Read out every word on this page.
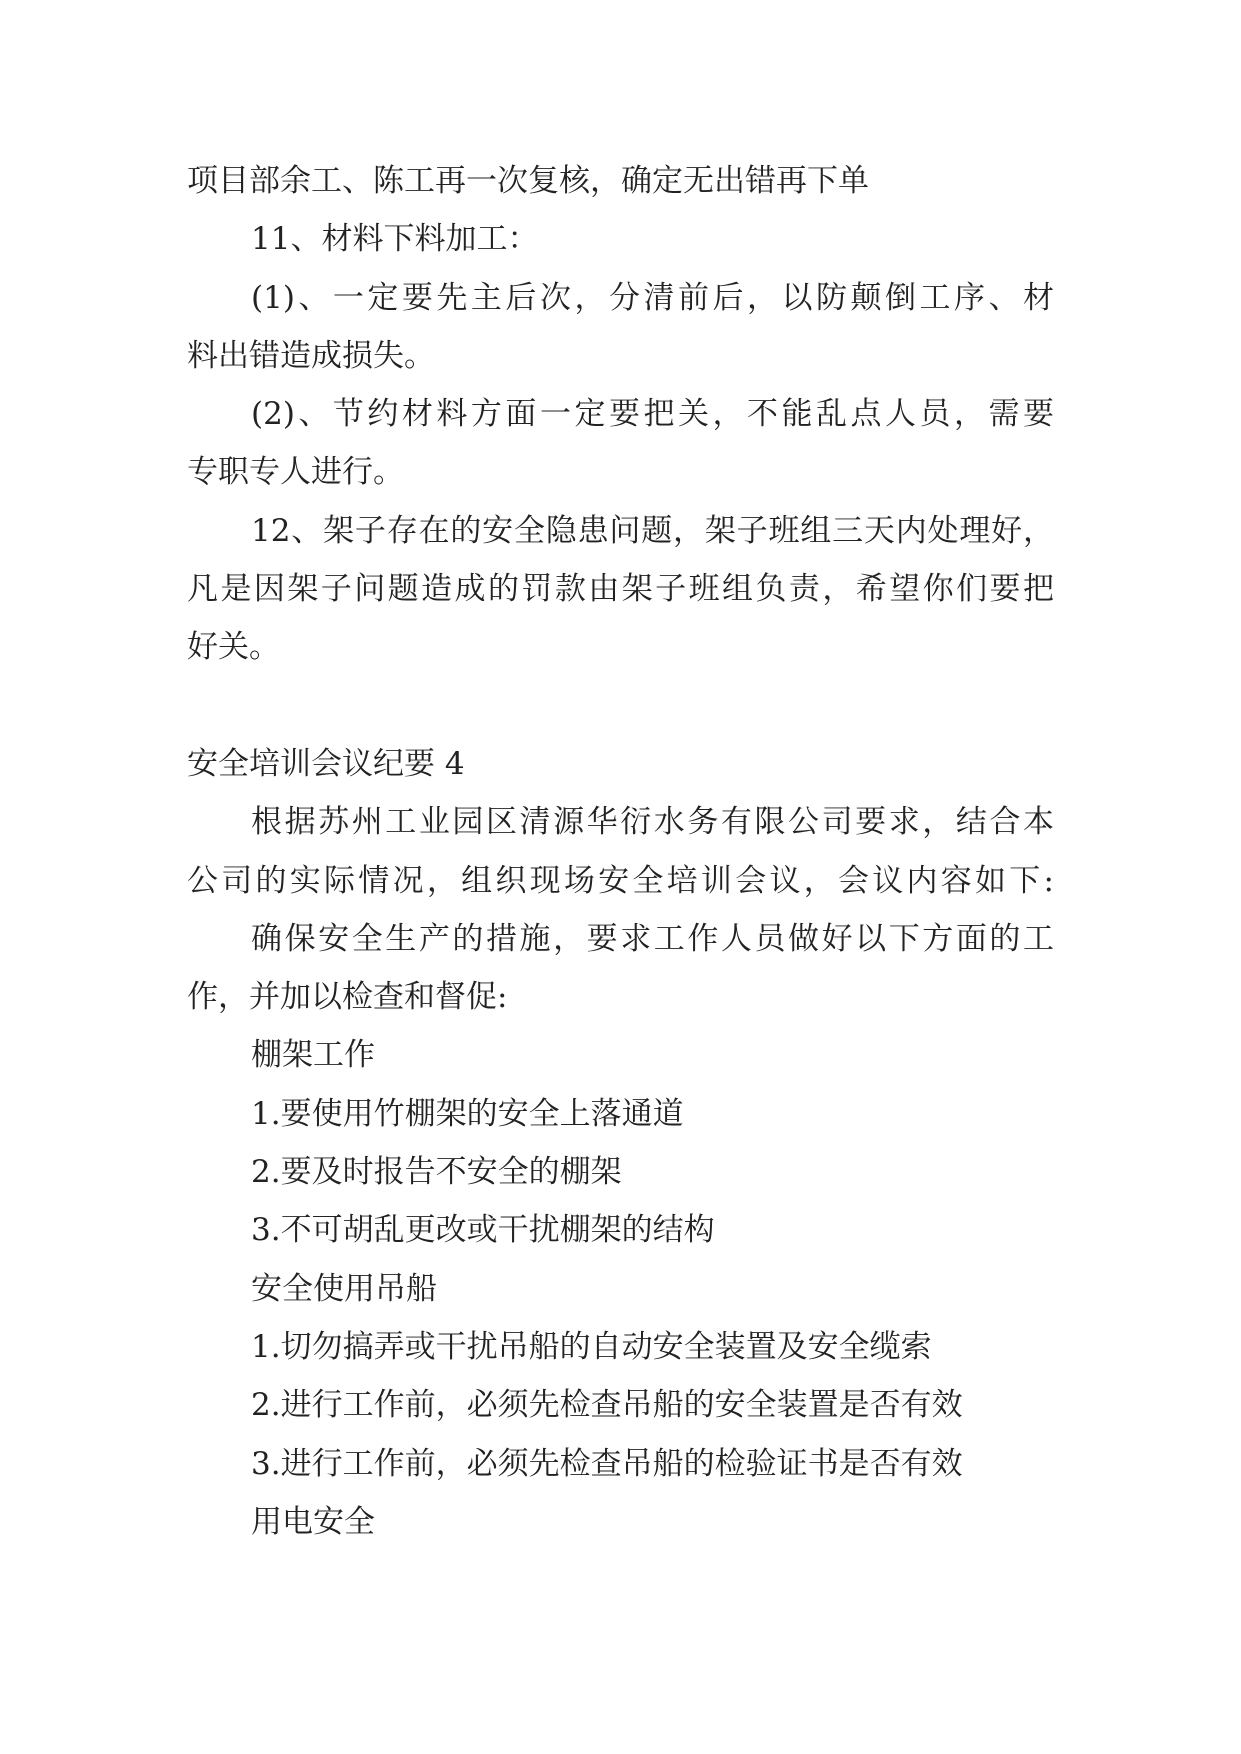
项目部余工、陈工再一次复核，确定无出错再下单
11、材料下料加工：
(1)、一定要先主后次，分清前后，以防颠倒工序、材
料出错造成损失。
(2)、节约材料方面一定要把关，不能乱点人员，需要
专职专人进行。
12、架子存在的安全隐患问题，架子班组三天内处理好，
凡是因架子问题造成的罚款由架子班组负责，希望你们要把
好关。
安全培训会议纪要 4
根据苏州工业园区清源华衍水务有限公司要求，结合本
公司的实际情况，组织现场安全培训会议，会议内容如下:
确保安全生产的措施，要求工作人员做好以下方面的工
作，并加以检查和督促:
棚架工作
1.要使用竹棚架的安全上落通道
2.要及时报告不安全的棚架
3.不可胡乱更改或干扰棚架的结构
安全使用吊船
1.切勿搞弄或干扰吊船的自动安全装置及安全缆索
2.进行工作前，必须先检查吊船的安全装置是否有效
3.进行工作前，必须先检查吊船的检验证书是否有效
用电安全
